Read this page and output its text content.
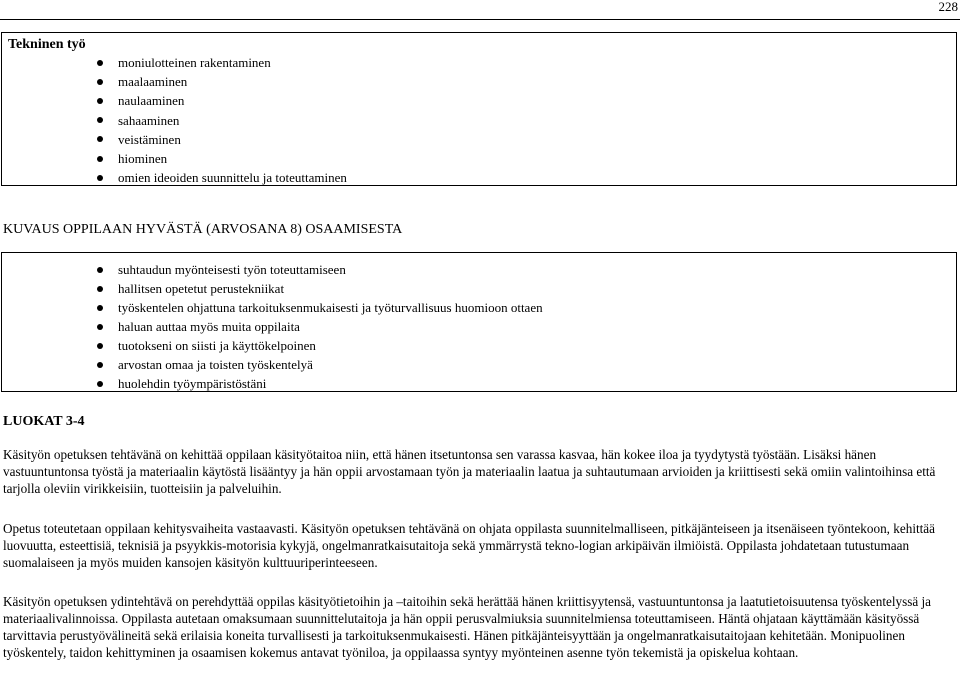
228
Tekninen työ
moniulotteinen rakentaminen
maalaaminen
naulaaminen
sahaaminen
veistäminen
hiominen
omien ideoiden suunnittelu ja toteuttaminen
KUVAUS OPPILAAN HYVÄSTÄ (ARVOSANA 8) OSAAMISESTA
suhtaudun myönteisesti työn toteuttamiseen
hallitsen opetetut perustekniikat
työskentelen ohjattuna tarkoituksenmukaisesti ja työturvallisuus huomioon ottaen
haluan auttaa myös muita oppilaita
tuotokseni on siisti ja käyttökelpoinen
arvostan omaa ja toisten työskentelyä
huolehdin työympäristöstäni
LUOKAT 3-4

Käsityön opetuksen tehtävänä on kehittää oppilaan käsityötaitoa niin, että hänen itsetuntonsa sen varassa kasvaa, hän kokee iloa ja tyydytystä työstään. Lisäksi hänen vastuuntuntonsa työstä ja materiaalin käytöstä lisääntyy ja hän oppii arvostamaan työn ja materiaalin laatua ja suhtautumaan arvioiden ja kriittisesti sekä omiin valintoihinsa että tarjolla oleviin virikkeisiin, tuotteisiin ja palveluihin.

Opetus toteutetaan oppilaan kehitysvaiheita vastaavasti. Käsityön opetuksen tehtävänä on ohjata oppilasta suunnitelmalliseen, pitkäjänteiseen ja itsenäiseen työntekoon, kehittää luovuutta, esteettisiä, teknisiä ja psyykkis-motorisia kykyjä, ongelmanratkaisutaitoja sekä ymmärrystä tekno-logian arkipäivän ilmiöistä. Oppilasta johdatetaan tutustumaan suomalaiseen ja myös muiden kansojen käsityön kulttuuriperinteeseen.

Käsityön opetuksen ydintehtävä on perehdyttää oppilas käsityötietoihin ja –taitoihin sekä herättää hänen kriittisyytensä, vastuuntuntonsa ja laatutietoisuutensa työskentelyssä ja materiaalivalinnoissa. Oppilasta autetaan omaksumaan suunnittelutaitoja ja hän oppii perusvalmiuksia suunnitelmiensa toteuttamiseen. Häntä ohjataan käyttämään käsityössä tarvittavia perustyövälineitä sekä erilaisia koneita turvallisesti ja tarkoituksenmukaisesti. Hänen pitkäjänteisyyttään ja ongelmanratkaisutaitojaan kehitetään. Monipuolinen työskentely, taidon kehittyminen ja osaamisen kokemus antavat työniloa, ja oppilaassa syntyy myönteinen asenne työn tekemistä ja opiskelua kohtaan.
